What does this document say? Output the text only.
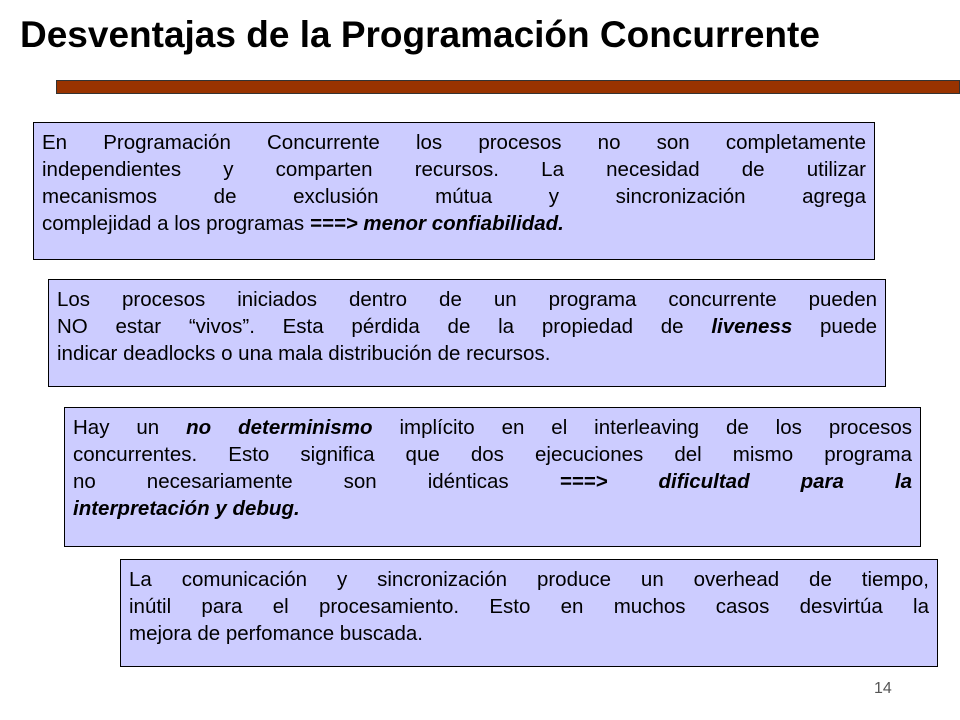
Desventajas de la Programación Concurrente
En Programación Concurrente los procesos no son completamente
independientes y comparten recursos. La necesidad de utilizar
mecanismos de exclusión mútua y sincronización agrega
complejidad a los programas ===> menor confiabilidad.
Los procesos iniciados dentro de un programa concurrente pueden
NO estar “vivos”. Esta pérdida de la propiedad de liveness puede
indicar deadlocks o una mala distribución de recursos.
Hay un no determinismo implícito en el interleaving de los procesos
concurrentes. Esto significa que dos ejecuciones del mismo programa
no necesariamente son idénticas ===> dificultad para la
interpretación y debug.
La comunicación y sincronización produce un overhead de tiempo,
inútil para el procesamiento. Esto en muchos casos desvirtúa la
mejora de perfomance buscada.
14
